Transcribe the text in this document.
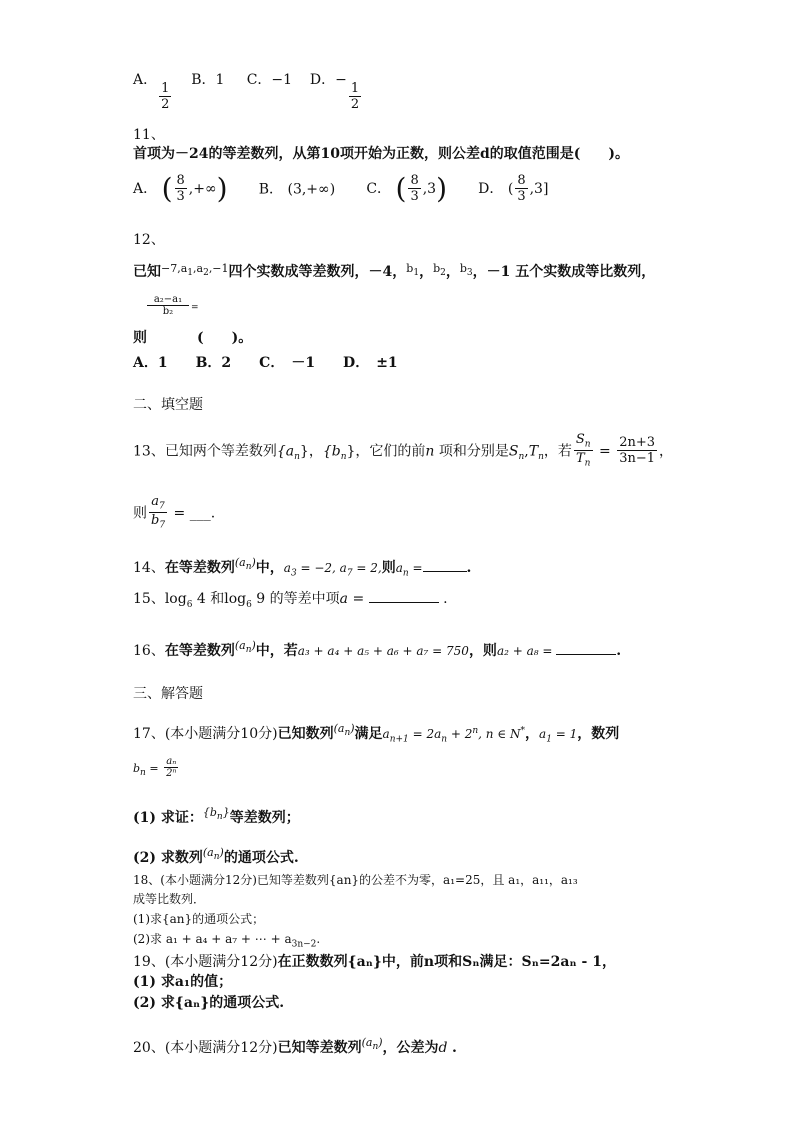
A．
$\frac{1}{2}$
B．1 C．−1 D．−
$\frac{1}{2}$
11、
首项为－24的等差数列，从第10项开始为正数，则公差d的取值范围是(　　)。
A． ( $\frac{8}{3}$ ,+∞) B． (3,+∞) C． ( $\frac{8}{3} ,3$) D． ( $\frac{8}{3} ,3$]
12、
已知$^{-7,a_1,a_2,-1}$四个实数成等差数列，－4，$^{b_1}$，$^{b_2}$，$^{b_3}$，－1 五个实数成等比数列，
$\frac{\text{a₂−a₁}}{\text{b₂}}$ =
则	(　　)。
A．1　　B．2　　C．　－1　　D．　±1
二、填空题
13、已知两个等差数列$\{a_n\}$，$\{b_n\}$，它们的前n 项和分别是$S_n,T_n$，若 $\frac{S_n}{T_n} = \frac{2n+3}{3n-1}$ ，
则 $\frac{a_7}{b_7}$ = ___.
14、在等差数列$^{(a_n)}$中，$a_3 = -2$, $a_7 = 2$,则$a_n$ =	.
15、$\log_6 4$ 和$\log_6 9$ 的等差中项a =	.
16、在等差数列$^{(a_n)}$中，若a₃ + a₄ + a₅ + a₆ + a₇ = 750，则a₂ + a₈ =	.
三、解答题
17、(本小题满分10分)已知数列$^{(a_n)}$满足$a_{n+1} = 2a_n + 2^n$, n ∈ N*，$a_1 = 1$，数列
$b_n = \frac{\text{aₙ}}{\text{2ⁿ}}$
(1) 求证：$^{\{b_n\}}$等差数列；
(2) 求数列$^{(a_n)}$的通项公式.
18、(本小题满分12分)已知等差数列{an}的公差不为零，a₁=25，且 a₁，a₁₁，a₁₃
成等比数列．
(1)求{an}的通项公式；
(2)求 a₁ + a₄ + a₇ + ⋯ + $a_{3n-2}$.
19、(本小题满分12分)在正数数列{aₙ}中，前n项和Sₙ满足：Sₙ=2aₙ - 1，
(1) 求a₁的值；
(2) 求{aₙ}的通项公式.
20、(本小题满分12分)已知等差数列$^{(a_n)}$，公差为d .
